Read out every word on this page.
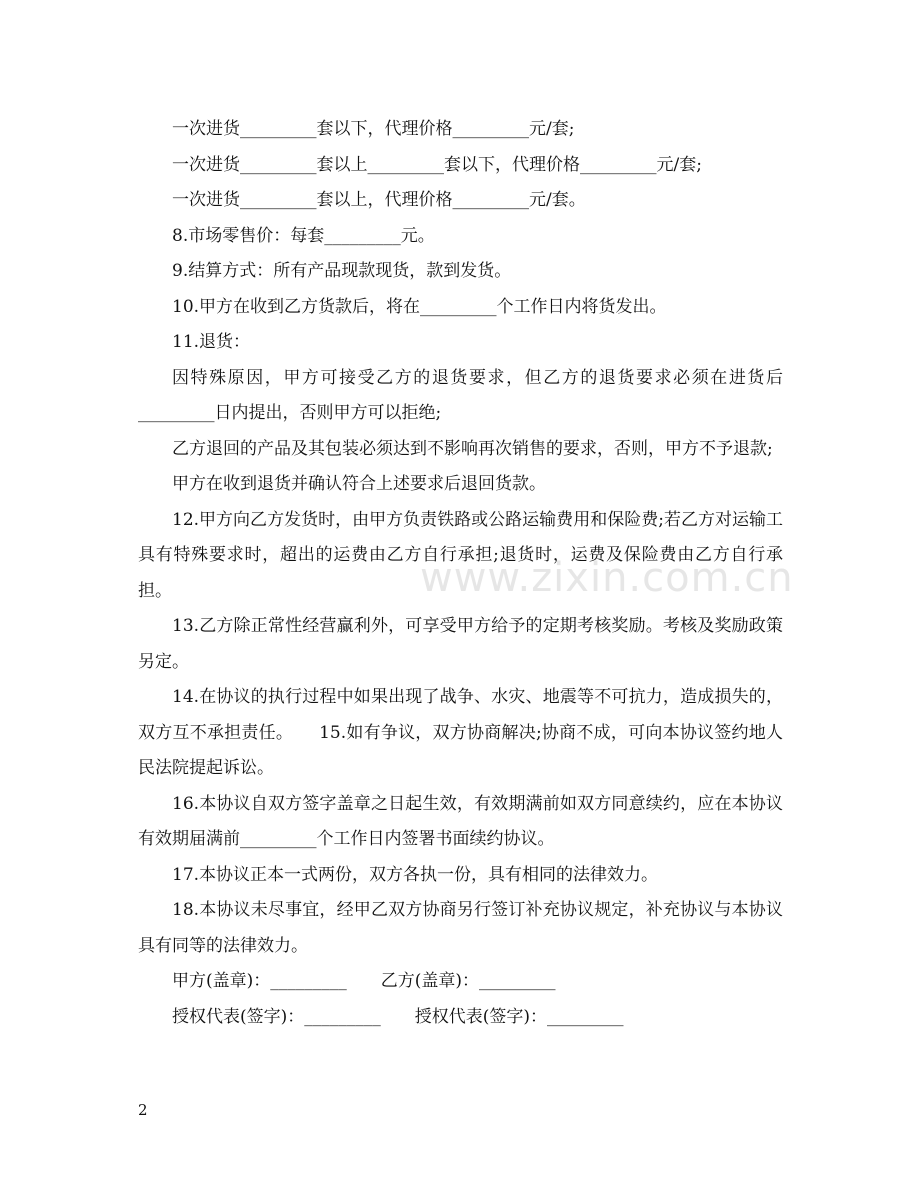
www.zixin.com.cn

一次进货_________套以下，代理价格_________元/套;

一次进货_________套以上_________套以下，代理价格_________元/套;

一次进货_________套以上，代理价格_________元/套。

8.市场零售价：每套_________元。

9.结算方式：所有产品现款现货，款到发货。

10.甲方在收到乙方货款后，将在_________个工作日内将货发出。

11.退货：

因特殊原因，甲方可接受乙方的退货要求，但乙方的退货要求必须在进货后_________日内提出，否则甲方可以拒绝;

乙方退回的产品及其包装必须达到不影响再次销售的要求，否则，甲方不予退款;

甲方在收到退货并确认符合上述要求后退回货款。

12.甲方向乙方发货时，由甲方负责铁路或公路运输费用和保险费;若乙方对运输工具有特殊要求时，超出的运费由乙方自行承担;退货时，运费及保险费由乙方自行承担。

13.乙方除正常性经营赢利外，可享受甲方给予的定期考核奖励。考核及奖励政策另定。

14.在协议的执行过程中如果出现了战争、水灾、地震等不可抗力，造成损失的，双方互不承担责任。　　15.如有争议，双方协商解决;协商不成，可向本协议签约地人民法院提起诉讼。

16.本协议自双方签字盖章之日起生效，有效期满前如双方同意续约，应在本协议有效期届满前_________个工作日内签署书面续约协议。

17.本协议正本一式两份，双方各执一份，具有相同的法律效力。

18.本协议未尽事宜，经甲乙双方协商另行签订补充协议规定，补充协议与本协议具有同等的法律效力。

甲方(盖章)：_________　　乙方(盖章)：_________

授权代表(签字)：_________　　授权代表(签字)：_________

2
